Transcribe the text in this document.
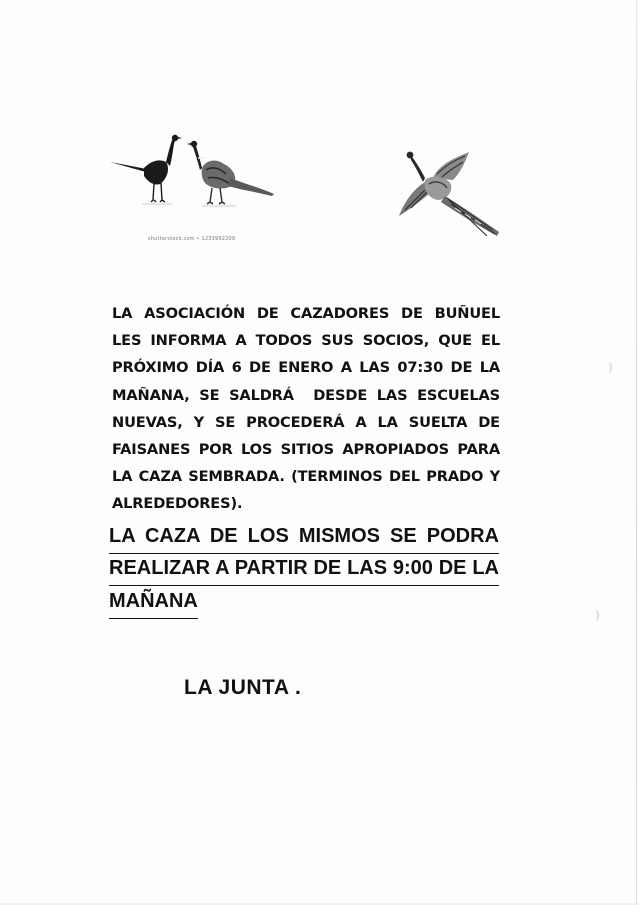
shutterstock.com • 1233992209
LA ASOCIACIÓN DE CAZADORES DE BUÑUEL
LES INFORMA A TODOS SUS SOCIOS, QUE EL
PRÓXIMO DÍA 6 DE ENERO A LAS 07:30 DE LA
MAÑANA, SE SALDRÁ  DESDE LAS ESCUELAS
NUEVAS, Y SE PROCEDERÁ A LA SUELTA DE
FAISANES POR LOS SITIOS APROPIADOS PARA
LA CAZA SEMBRADA. (TERMINOS DEL PRADO Y
ALREDEDORES).
LA CAZA DE LOS MISMOS SE PODRA
REALIZAR A PARTIR DE LAS 9:00 DE LA
MAÑANA
LA JUNTA .
)
)
